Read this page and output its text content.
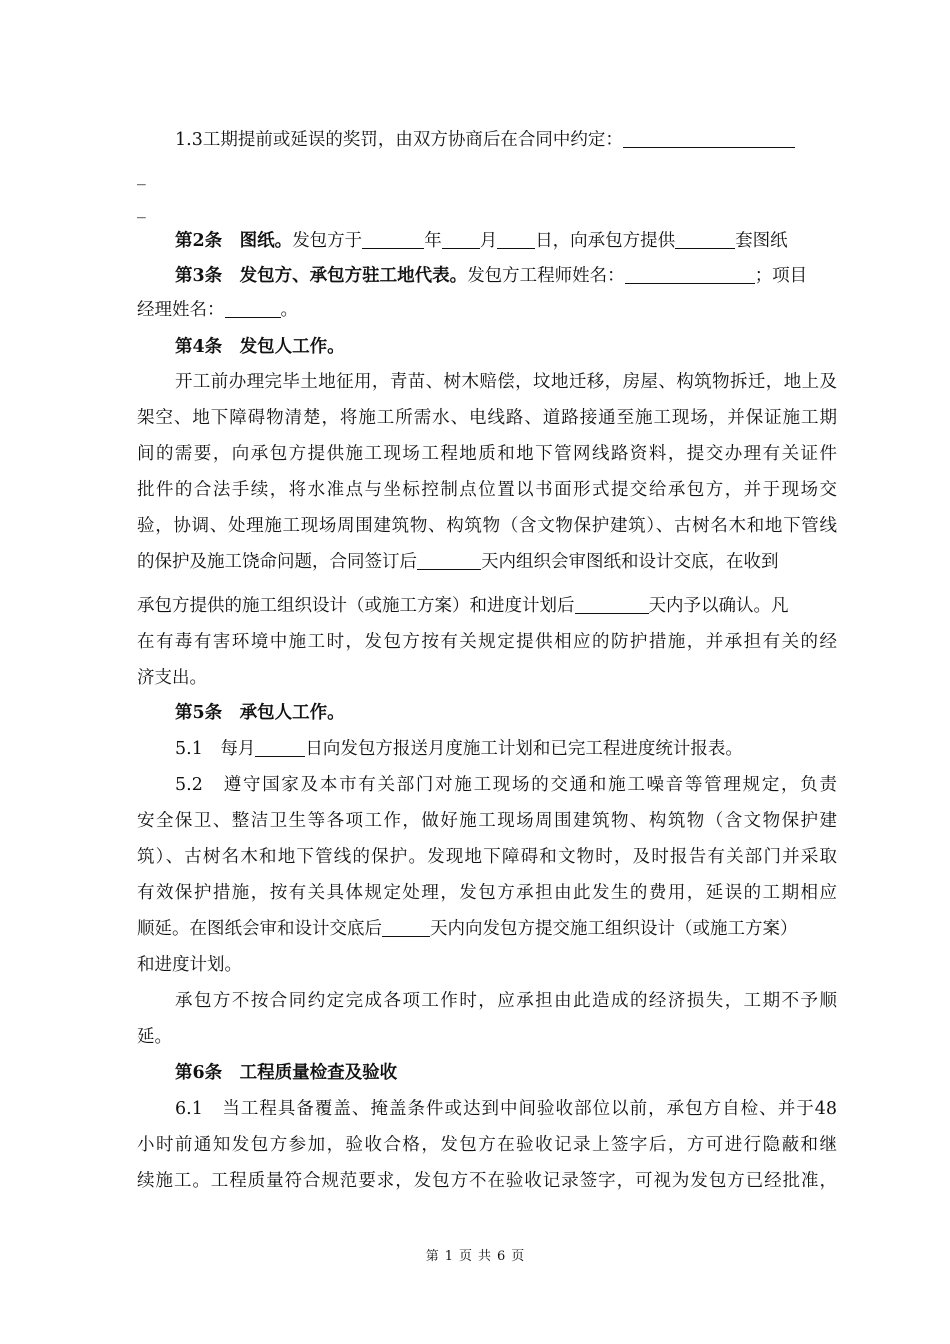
1.3工期提前或延误的奖罚，由双方协商后在合同中约定：
_
_
第2条　图纸。发包方于	年 月 日，向承包方提供	套图纸
第3条　发包方、承包方驻工地代表。发包方工程师姓名：	；项目
经理姓名：	。
第4条　发包人工作。
开工前办理完毕土地征用，青苗、树木赔偿，坟地迁移，房屋、构筑物拆迁，地上及
架空、地下障碍物清楚，将施工所需水、电线路、道路接通至施工现场，并保证施工期
间的需要，向承包方提供施工现场工程地质和地下管网线路资料，提交办理有关证件
批件的合法手续，将水准点与坐标控制点位置以书面形式提交给承包方，并于现场交
验，协调、处理施工现场周围建筑物、构筑物（含文物保护建筑）、古树名木和地下管线
的保护及施工饶命问题，合同签订后	天内组织会审图纸和设计交底，在收到
承包方提供的施工组织设计（或施工方案）和进度计划后	天内予以确认。凡
在有毒有害环境中施工时，发包方按有关规定提供相应的防护措施，并承担有关的经
济支出。
第5条　承包人工作。
5.1　每月	日向发包方报送月度施工计划和已完工程进度统计报表。
5.2　遵守国家及本市有关部门对施工现场的交通和施工噪音等管理规定，负责
安全保卫、整洁卫生等各项工作，做好施工现场周围建筑物、构筑物（含文物保护建
筑）、古树名木和地下管线的保护。发现地下障碍和文物时，及时报告有关部门并采取
有效保护措施，按有关具体规定处理，发包方承担由此发生的费用，延误的工期相应
顺延。在图纸会审和设计交底后	天内向发包方提交施工组织设计（或施工方案）
和进度计划。
承包方不按合同约定完成各项工作时，应承担由此造成的经济损失，工期不予顺
延。
第6条　工程质量检查及验收
6.1　当工程具备覆盖、掩盖条件或达到中间验收部位以前，承包方自检、并于48
小时前通知发包方参加，验收合格，发包方在验收记录上签字后，方可进行隐蔽和继
续施工。工程质量符合规范要求，发包方不在验收记录签字，可视为发包方已经批准，
第 1 页 共 6 页
